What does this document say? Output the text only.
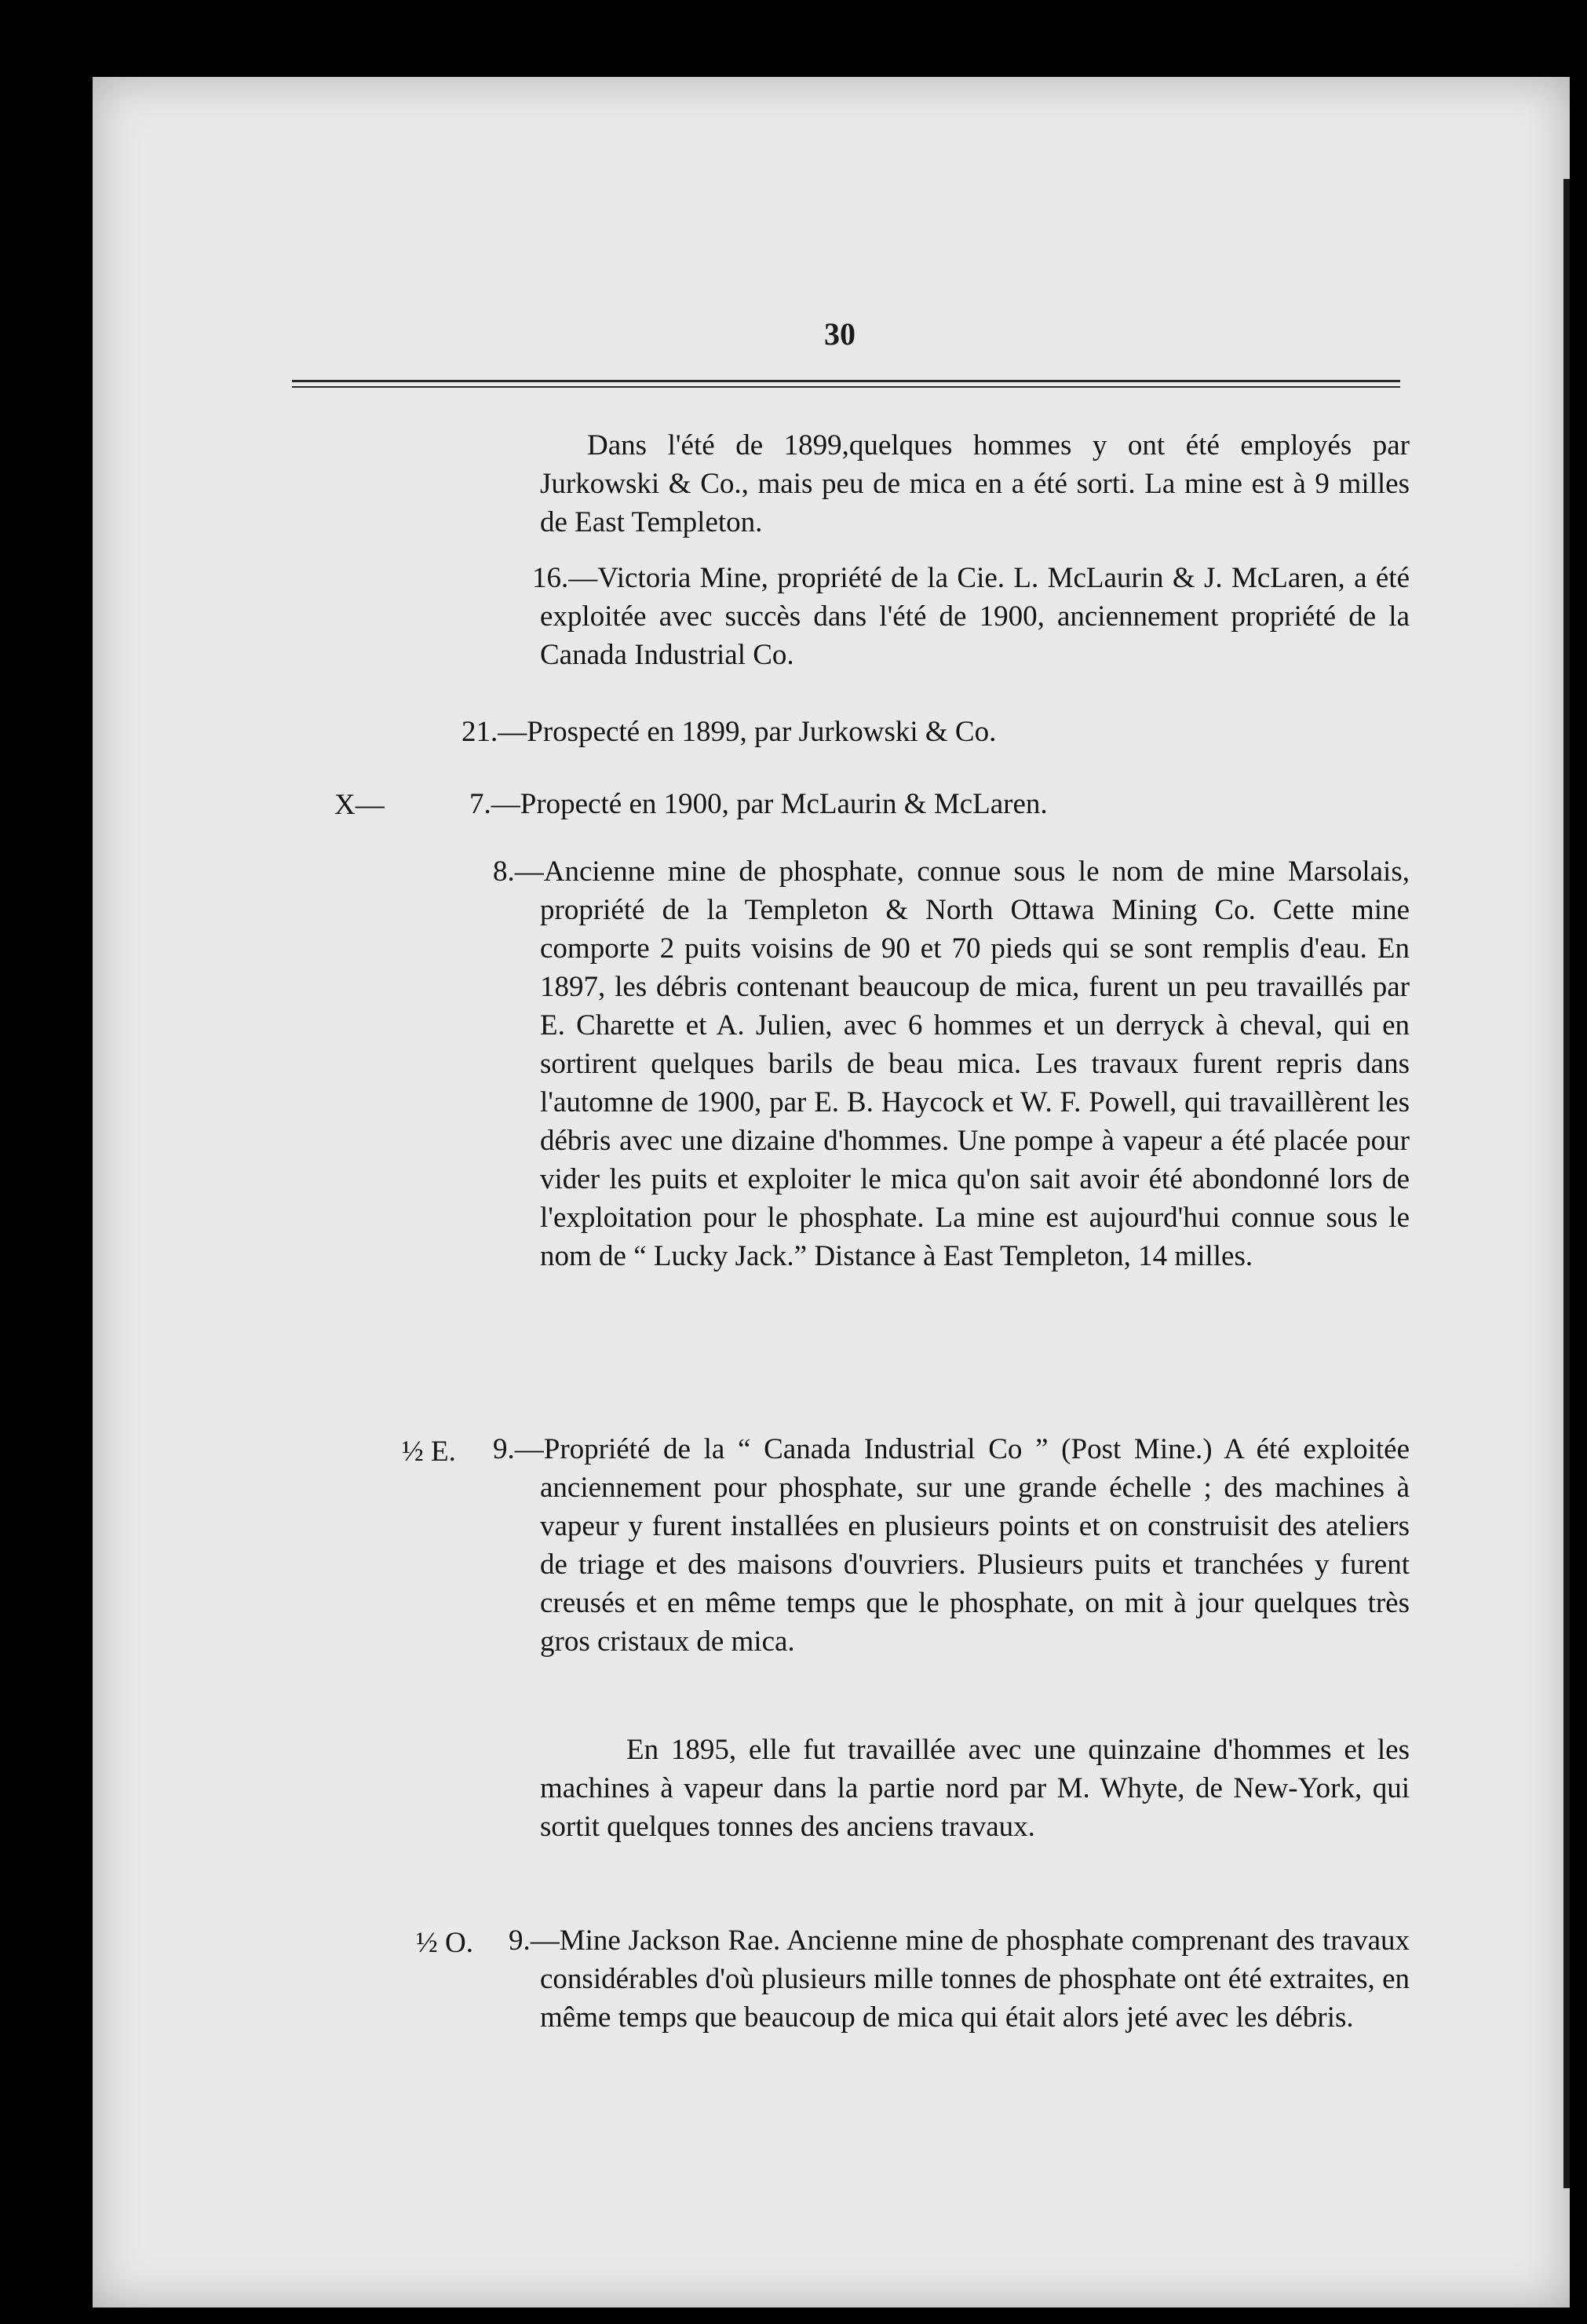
30
Dans l'été de 1899,quelques hommes y ont été employés par Jurkowski & Co., mais peu de mica en a été sorti. La mine est à 9 milles de East Templeton.
16.—Victoria Mine, propriété de la Cie. L. McLaurin & J. McLaren, a été exploitée avec succès dans l'été de 1900, anciennement propriété de la Canada Industrial Co.
21.—Prospecté en 1899, par Jurkowski & Co.
X—	7.—Propecté en 1900, par McLaurin & McLaren.
8.—Ancienne mine de phosphate, connue sous le nom de mine Marsolais, propriété de la Templeton & North Ottawa Mining Co. Cette mine comporte 2 puits voisins de 90 et 70 pieds qui se sont remplis d'eau. En 1897, les débris contenant beaucoup de mica, furent un peu travaillés par E. Charette et A. Julien, avec 6 hommes et un derryck à cheval, qui en sortirent quelques barils de beau mica. Les travaux furent repris dans l'automne de 1900, par E. B. Haycock et W. F. Powell, qui travaillèrent les débris avec une dizaine d'hommes. Une pompe à vapeur a été placée pour vider les puits et exploiter le mica qu'on sait avoir été abondonné lors de l'exploitation pour le phosphate. La mine est aujourd'hui connue sous le nom de “ Lucky Jack.” Distance à East Templeton, 14 milles.
½ E. 9.—Propriété de la “ Canada Industrial Co ” (Post Mine.) A été exploitée anciennement pour phosphate, sur une grande échelle ; des machines à vapeur y furent installées en plusieurs points et on construisit des ateliers de triage et des maisons d'ouvriers. Plusieurs puits et tranchées y furent creusés et en même temps que le phosphate, on mit à jour quelques très gros cristaux de mica.
En 1895, elle fut travaillée avec une quinzaine d'hommes et les machines à vapeur dans la partie nord par M. Whyte, de New-York, qui sortit quelques tonnes des anciens travaux.
½ O. 9.—Mine Jackson Rae. Ancienne mine de phosphate comprenant des travaux considérables d'où plusieurs mille tonnes de phosphate ont été extraites, en même temps que beaucoup de mica qui était alors jeté avec les débris.
